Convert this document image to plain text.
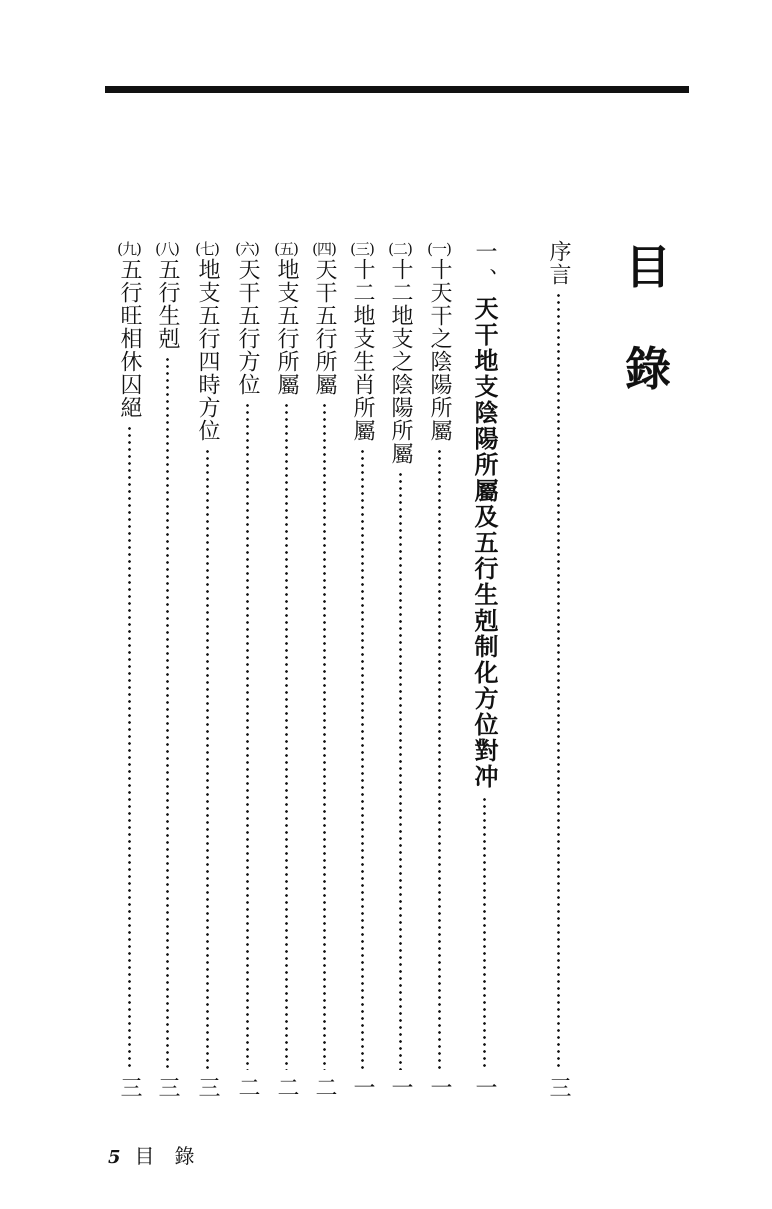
目
錄
序言
三
一、
天干地支陰陽所屬及五行生剋制化方位對冲
一
(一)
十天干之陰陽所屬
一
(二)
十二地支之陰陽所屬
一
(三)
十二地支生肖所屬
一
(四)
天干五行所屬
二
(五)
地支五行所屬
二
(六)
天干五行方位
二
(七)
地支五行四時方位
三
(八)
五行生剋
三
(九)
五行旺相休囚絕
三
5 目　錄
